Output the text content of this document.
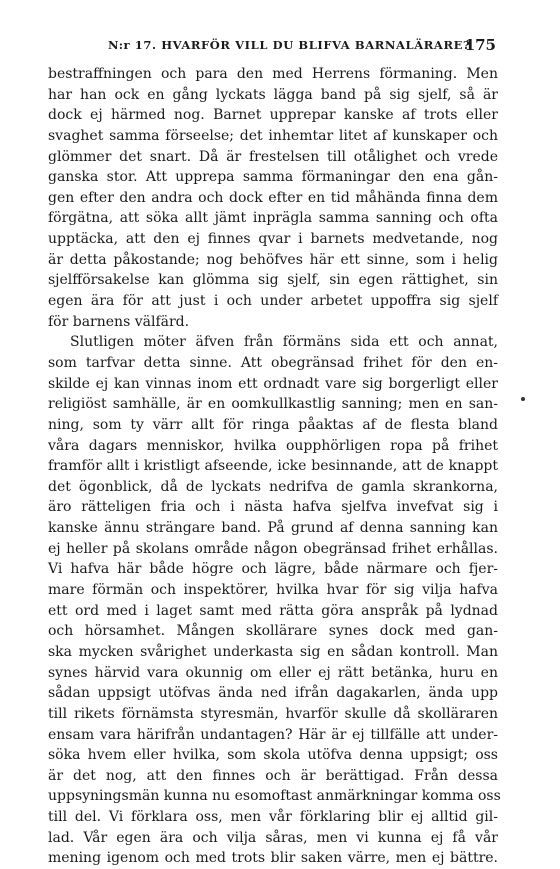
N:r 17. HVARFÖR VILL DU BLIFVA BARNALÄRARE?
175
bestraffningen och para den med Herrens förmaning. Men
har han ock en gång lyckats lägga band på sig sjelf, så är
dock ej härmed nog. Barnet upprepar kanske af trots eller
svaghet samma förseelse; det inhemtar litet af kunskaper och
glömmer det snart. Då är frestelsen till otålighet och vrede
ganska stor. Att upprepa samma förmaningar den ena gån-
gen efter den andra och dock efter en tid måhända finna dem
förgätna, att söka allt jämt inprägla samma sanning och ofta
upptäcka, att den ej finnes qvar i barnets medvetande, nog
är detta påkostande; nog behöfves här ett sinne, som i helig
sjelfförsakelse kan glömma sig sjelf, sin egen rättighet, sin
egen ära för att just i och under arbetet uppoffra sig sjelf
för barnens välfärd.
Slutligen möter äfven från förmäns sida ett och annat,
som tarfvar detta sinne. Att obegränsad frihet för den en-
skilde ej kan vinnas inom ett ordnadt vare sig borgerligt eller
religiöst samhälle, är en oomkullkastlig sanning; men en san-
ning, som ty värr allt för ringa påaktas af de flesta bland
våra dagars menniskor, hvilka oupphörligen ropa på frihet
framför allt i kristligt afseende, icke besinnande, att de knappt
det ögonblick, då de lyckats nedrifva de gamla skrankorna,
äro rätteligen fria och i nästa hafva sjelfva invefvat sig i
kanske ännu strängare band. På grund af denna sanning kan
ej heller på skolans område någon obegränsad frihet erhållas.
Vi hafva här både högre och lägre, både närmare och fjer-
mare förmän och inspektörer, hvilka hvar för sig vilja hafva
ett ord med i laget samt med rätta göra anspråk på lydnad
och hörsamhet. Mången skollärare synes dock med gan-
ska mycken svårighet underkasta sig en sådan kontroll. Man
synes härvid vara okunnig om eller ej rätt betänka, huru en
sådan uppsigt utöfvas ända ned ifrån dagakarlen, ända upp
till rikets förnämsta styresmän, hvarför skulle då skolläraren
ensam vara härifrån undantagen? Här är ej tillfälle att under-
söka hvem eller hvilka, som skola utöfva denna uppsigt; oss
är det nog, att den finnes och är berättigad. Från dessa
uppsyningsmän kunna nu esomoftast anmärkningar komma oss
till del. Vi förklara oss, men vår förklaring blir ej alltid gil-
lad. Vår egen ära och vilja såras, men vi kunna ej få vår
mening igenom och med trots blir saken värre, men ej bättre.
